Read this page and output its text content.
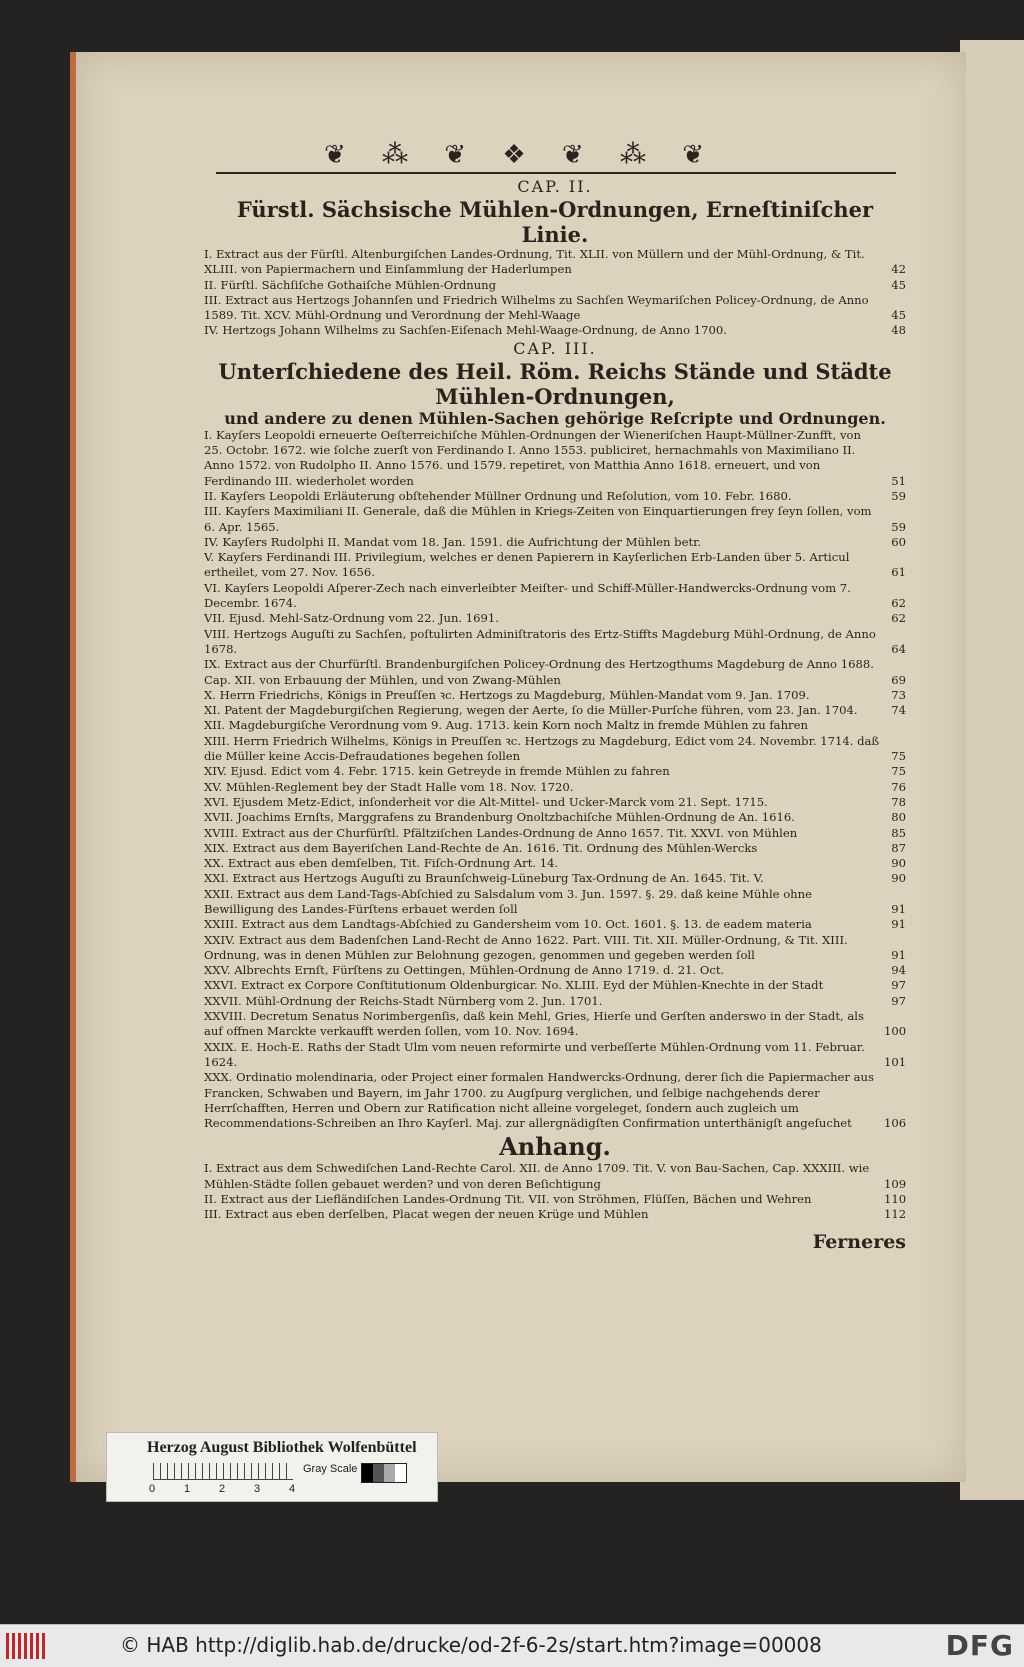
❦ ⁂ ❦ ❖ ❦ ⁂ ❦

CAP. II.

Fürstl. Sächsische Mühlen-Ordnungen, Erneſtiniſcher Linie.

I. Extract aus der Fürſtl. Altenburgiſchen Landes-Ordnung, Tit. XLII. von Müllern und der Mühl-Ordnung, & Tit. XLIII. von Papiermachern und Einſammlung der Haderlumpen	42

II. Fürſtl. Sächſiſche Gothaiſche Mühlen-Ordnung	45

III. Extract aus Hertzogs Johannſen und Friedrich Wilhelms zu Sachſen Weymariſchen Policey-Ordnung, de Anno 1589. Tit. XCV. Mühl-Ordnung und Verordnung der Mehl-Waage	45

IV. Hertzogs Johann Wilhelms zu Sachſen-Eiſenach Mehl-Waage-Ordnung, de Anno 1700.	48

CAP. III.

Unterſchiedene des Heil. Röm. Reichs Stände und Städte Mühlen-Ordnungen,

und andere zu denen Mühlen-Sachen gehörige Reſcripte und Ordnungen.

I. Kayſers Leopoldi erneuerte Oeſterreichiſche Mühlen-Ordnungen der Wieneriſchen Haupt-Müllner-Zunfft, von 25. Octobr. 1672. wie ſolche zuerſt von Ferdinando I. Anno 1553. publiciret, hernachmahls von Maximiliano II. Anno 1572. von Rudolpho II. Anno 1576. und 1579. repetiret, von Matthia Anno 1618. erneuert, und von Ferdinando III. wiederholet worden	51

II. Kayſers Leopoldi Erläuterung obſtehender Müllner Ordnung und Reſolution, vom 10. Febr. 1680.	59

III. Kayſers Maximiliani II. Generale, daß die Mühlen in Kriegs-Zeiten von Einquartierungen frey ſeyn ſollen, vom 6. Apr. 1565.	59

IV. Kayſers Rudolphi II. Mandat vom 18. Jan. 1591. die Aufrichtung der Mühlen betr.	60

V. Kayſers Ferdinandi III. Privilegium, welches er denen Papierern in Kayſerlichen Erb-Landen über 5. Articul ertheilet, vom 27. Nov. 1656.	61

VI. Kayſers Leopoldi Aſperer-Zech nach einverleibter Meiſter- und Schiff-Müller-Handwercks-Ordnung vom 7. Decembr. 1674.	62

VII. Ejusd. Mehl-Satz-Ordnung vom 22. Jun. 1691.	62

VIII. Hertzogs Auguſti zu Sachſen, poſtulirten Adminiſtratoris des Ertz-Stiffts Magdeburg Mühl-Ordnung, de Anno 1678.	64

IX. Extract aus der Churfürſtl. Brandenburgiſchen Policey-Ordnung des Hertzogthums Magdeburg de Anno 1688. Cap. XII. von Erbauung der Mühlen, und von Zwang-Mühlen	69

X. Herrn Friedrichs, Königs in Preuſſen ꝛc. Hertzogs zu Magdeburg, Mühlen-Mandat vom 9. Jan. 1709.	73

XI. Patent der Magdeburgiſchen Regierung, wegen der Aerte, ſo die Müller-Purſche führen, vom 23. Jan. 1704.	74

XII. Magdeburgiſche Verordnung vom 9. Aug. 1713. kein Korn noch Maltz in fremde Mühlen zu fahren

XIII. Herrn Friedrich Wilhelms, Königs in Preuſſen ꝛc. Hertzogs zu Magdeburg, Edict vom 24. Novembr. 1714. daß die Müller keine Accis-Defraudationes begehen ſollen	75

XIV. Ejusd. Edict vom 4. Febr. 1715. kein Getreyde in fremde Mühlen zu fahren	75

XV. Mühlen-Reglement bey der Stadt Halle vom 18. Nov. 1720.	76

XVI. Ejusdem Metz-Edict, inſonderheit vor die Alt-Mittel- und Ucker-Marck vom 21. Sept. 1715.	78

XVII. Joachims Ernſts, Marggrafens zu Brandenburg Onoltzbachiſche Mühlen-Ordnung de An. 1616.	80

XVIII. Extract aus der Churfürſtl. Pfältziſchen Landes-Ordnung de Anno 1657. Tit. XXVI. von Mühlen	85

XIX. Extract aus dem Bayeriſchen Land-Rechte de An. 1616. Tit. Ordnung des Mühlen-Wercks	87

XX. Extract aus eben demſelben, Tit. Fiſch-Ordnung Art. 14.	90

XXI. Extract aus Hertzogs Auguſti zu Braunſchweig-Lüneburg Tax-Ordnung de An. 1645. Tit. V.	90

XXII. Extract aus dem Land-Tags-Abſchied zu Salsdalum vom 3. Jun. 1597. §. 29. daß keine Mühle ohne Bewilligung des Landes-Fürſtens erbauet werden ſoll	91

XXIII. Extract aus dem Landtags-Abſchied zu Gandersheim vom 10. Oct. 1601. §. 13. de eadem materia	91

XXIV. Extract aus dem Badenſchen Land-Recht de Anno 1622. Part. VIII. Tit. XII. Müller-Ordnung, & Tit. XIII. Ordnung, was in denen Mühlen zur Belohnung gezogen, genommen und gegeben werden ſoll	91

XXV. Albrechts Ernſt, Fürſtens zu Oettingen, Mühlen-Ordnung de Anno 1719. d. 21. Oct.	94

XXVI. Extract ex Corpore Conſtitutionum Oldenburgicar. No. XLIII. Eyd der Mühlen-Knechte in der Stadt	97

XXVII. Mühl-Ordnung der Reichs-Stadt Nürnberg vom 2. Jun. 1701.	97

XXVIII. Decretum Senatus Norimbergenſis, daß kein Mehl, Gries, Hierſe und Gerſten anderswo in der Stadt, als auf offnen Marckte verkaufft werden ſollen, vom 10. Nov. 1694.	100

XXIX. E. Hoch-E. Raths der Stadt Ulm vom neuen reformirte und verbeſſerte Mühlen-Ordnung vom 11. Februar. 1624.	101

XXX. Ordinatio molendinaria, oder Project einer formalen Handwercks-Ordnung, derer ſich die Papiermacher aus Francken, Schwaben und Bayern, im Jahr 1700. zu Augſpurg verglichen, und ſelbige nachgehends derer Herrſchafften, Herren und Obern zur Ratification nicht alleine vorgeleget, ſondern auch zugleich um Recommendations-Schreiben an Ihro Kayſerl. Maj. zur allergnädigſten Confirmation unterthänigſt angeſuchet	106

Anhang.

I. Extract aus dem Schwediſchen Land-Rechte Carol. XII. de Anno 1709. Tit. V. von Bau-Sachen, Cap. XXXIII. wie Mühlen-Städte ſollen gebauet werden? und von deren Beſichtigung	109

II. Extract aus der Liefländiſchen Landes-Ordnung Tit. VII. von Ströhmen, Flüſſen, Bächen und Wehren	110

III. Extract aus eben derſelben, Placat wegen der neuen Krüge und Mühlen	112

Ferneres
Herzog August Bibliothek Wolfenbüttel
Gray Scale
0	1	2	3	4
© HAB http://diglib.hab.de/drucke/od-2f-6-2s/start.htm?image=00008	DFG
